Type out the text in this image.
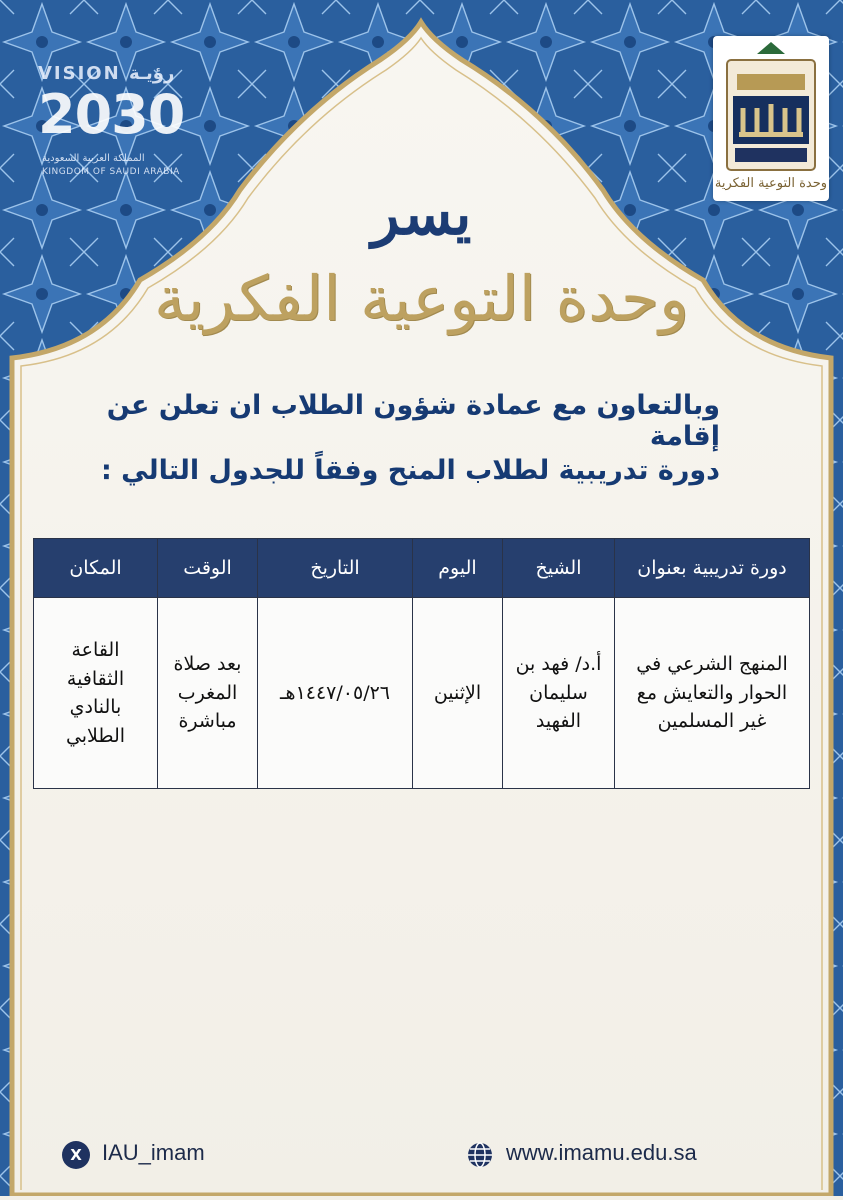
VISION رؤيـة
2030
المملكة العربية السعودية
KINGDOM OF SAUDI ARABIA
وحدة التوعية الفكرية
يسر
وحدة التوعية الفكرية
وبالتعاون مع عمادة شؤون الطلاب ان تعلن عن إقامة
دورة تدريبية لطلاب المنح وفقاً للجدول التالي :
دورة تدريبية بعنوان	الشيخ	اليوم	التاريخ	الوقت	المكان
المنهج الشرعي في الحوار والتعايش مع غير المسلمين	أ.د/ فهد بن سليمان الفهيد	الإثنين	١٤٤٧/٠٥/٢٦هـ	بعد صلاة المغرب مباشرة	القاعة الثقافية بالنادي الطلابي
X IAU_imam	www.imamu.edu.sa
